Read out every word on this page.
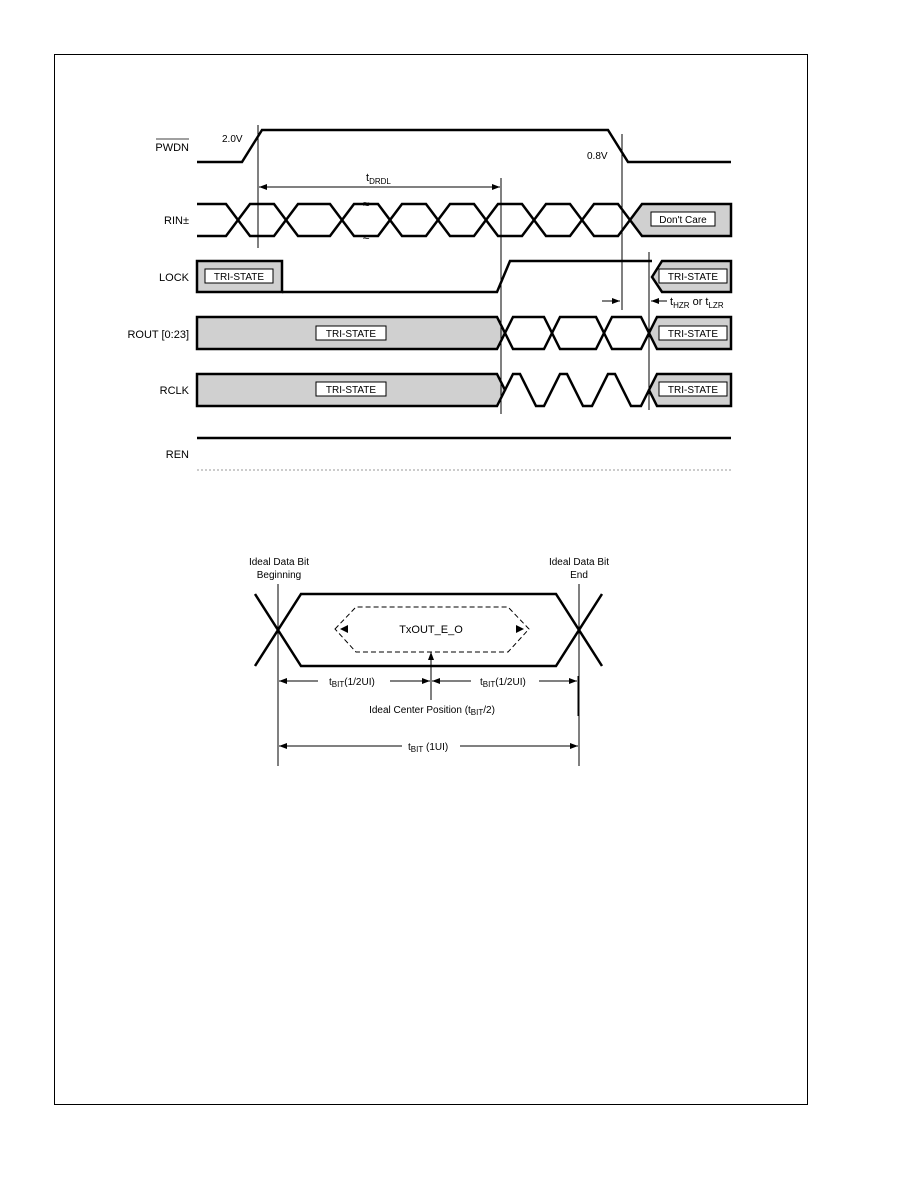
PWDN
RIN±
LOCK
ROUT [0:23]
RCLK
REN
2.0V
0.8V
Don't Care
≈
≈
TRI-STATE	TRI-STATE
TRI-STATE	TRI-STATE
TRI-STATE	TRI-STATE
$t_{DRDL}$
$t_{HZR}$ or $t_{LZR}$
Ideal Data Bit
Beginning
Ideal Data Bit
End
TxOUT_E_O
$t_{BIT}(1/2UI)$	$t_{BIT}(1/2UI)$
Ideal Center Position $(t_{BIT}/2)$
$t_{BIT}$ (1UI)
